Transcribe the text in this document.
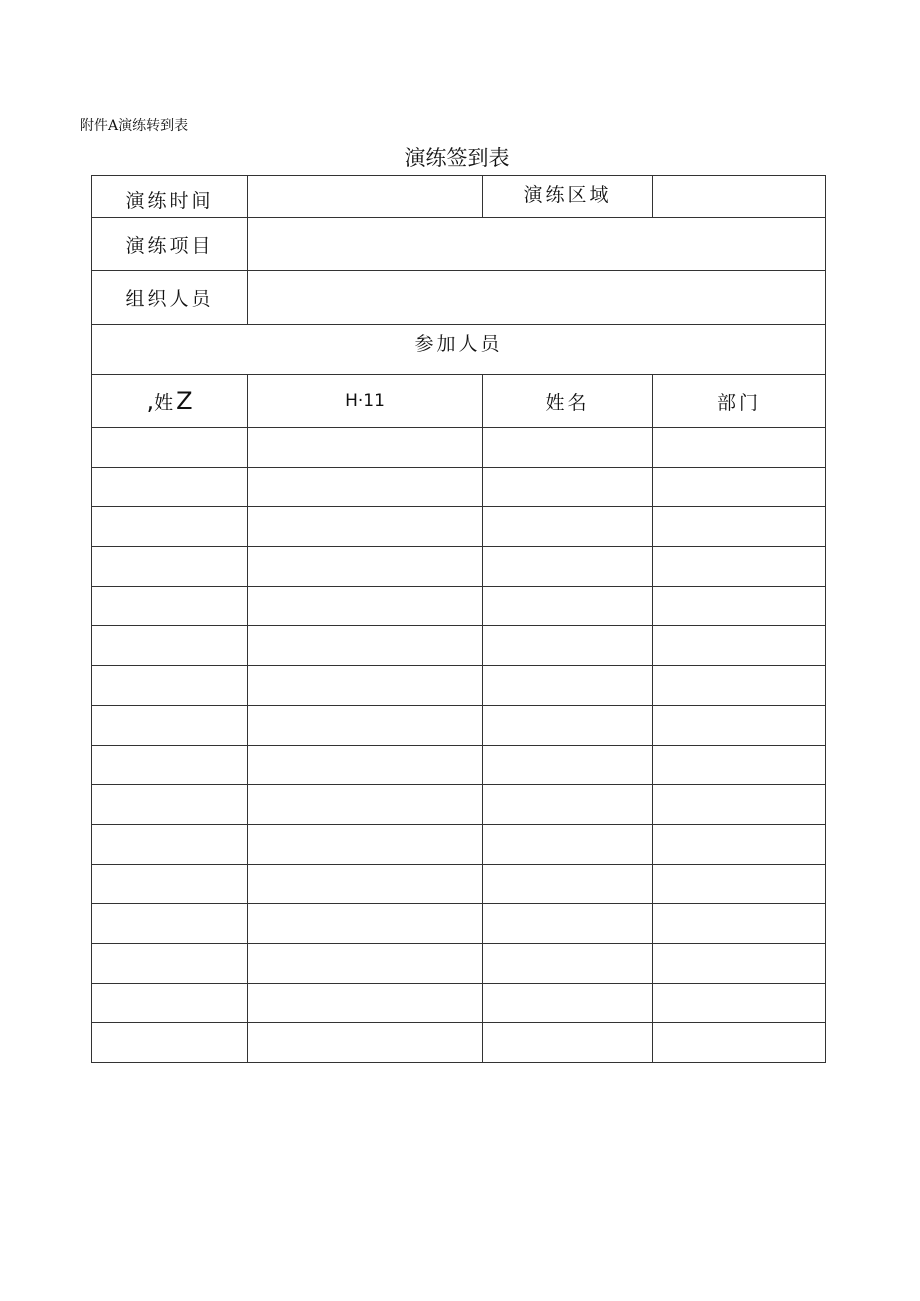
附件A演练转到表
演练签到表
演练时间		演练区域	
演练项目			
组织人员			
参加人员			
,姓Z	H·11	姓名	部门
